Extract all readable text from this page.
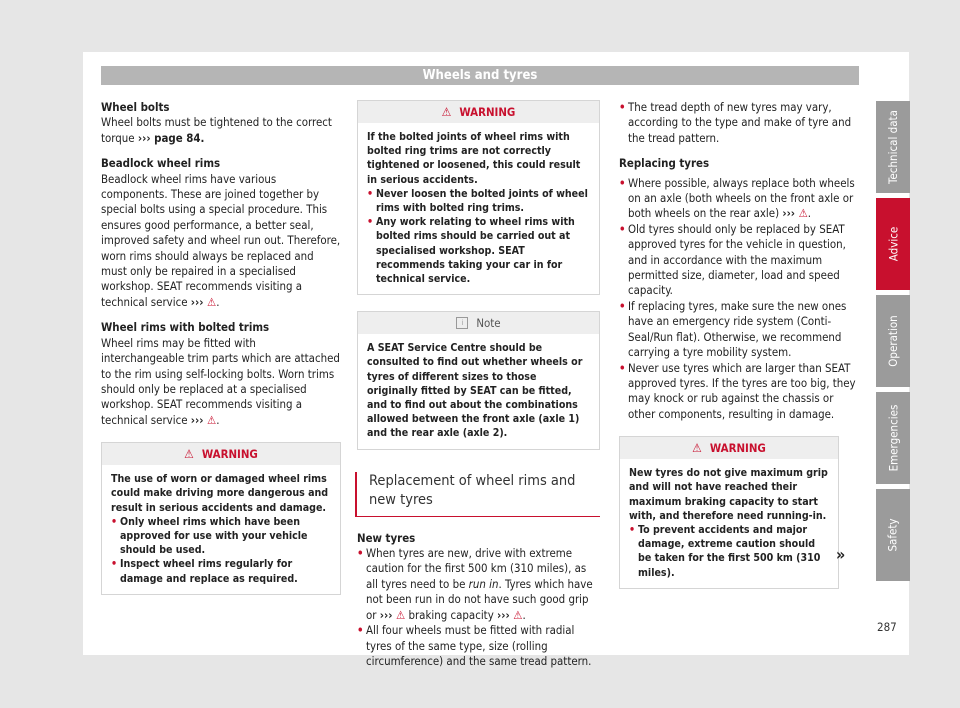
Wheels and tyres

Wheel bolts

Wheel bolts must be tightened to the correct torque ››› page 84.

Beadlock wheel rims

Beadlock wheel rims have various components. These are joined together by special bolts using a special procedure. This ensures good performance, a better seal, improved safety and wheel run out. Therefore, worn rims should always be replaced and must only be repaired in a specialised workshop. SEAT recommends visiting a technical service ››› ⚠.

Wheel rims with bolted trims

Wheel rims may be fitted with interchangeable trim parts which are attached to the rim using self-locking bolts. Worn trims should only be replaced at a specialised workshop. SEAT recommends visiting a technical service ››› ⚠.

⚠ WARNING

The use of worn or damaged wheel rims could make driving more dangerous and result in serious accidents and damage.

• Only wheel rims which have been approved for use with your vehicle should be used.

• Inspect wheel rims regularly for damage and replace as required.

⚠ WARNING

If the bolted joints of wheel rims with bolted ring trims are not correctly tightened or loosened, this could result in serious accidents.

• Never loosen the bolted joints of wheel rims with bolted ring trims.

• Any work relating to wheel rims with bolted rims should be carried out at specialised workshop. SEAT recommends taking your car in for technical service.

i	Note

A SEAT Service Centre should be consulted to find out whether wheels or tyres of different sizes to those originally fitted by SEAT can be fitted, and to find out about the combinations allowed between the front axle (axle 1) and the rear axle (axle 2).

Replacement of wheel rims and new tyres

New tyres

• When tyres are new, drive with extreme caution for the first 500 km (310 miles), as all tyres need to be run in. Tyres which have not been run in do not have such good grip or ››› ⚠ braking capacity ››› ⚠.

• All four wheels must be fitted with radial tyres of the same type, size (rolling circumference) and the same tread pattern.

• The tread depth of new tyres may vary, according to the type and make of tyre and the tread pattern.

Replacing tyres

• Where possible, always replace both wheels on an axle (both wheels on the front axle or both wheels on the rear axle) ››› ⚠.

• Old tyres should only be replaced by SEAT approved tyres for the vehicle in question, and in accordance with the maximum permitted size, diameter, load and speed capacity.

• If replacing tyres, make sure the new ones have an emergency ride system (Conti-Seal/Run flat). Otherwise, we recommend carrying a tyre mobility system.

• Never use tyres which are larger than SEAT approved tyres. If the tyres are too big, they may knock or rub against the chassis or other components, resulting in damage.

⚠ WARNING

New tyres do not give maximum grip and will not have reached their maximum braking capacity to start with, and therefore need running-in.

• To prevent accidents and major damage, extreme caution should be taken for the first 500 km (310 miles).

»
Technical data
Advice
Operation
Emergencies
Safety
287
